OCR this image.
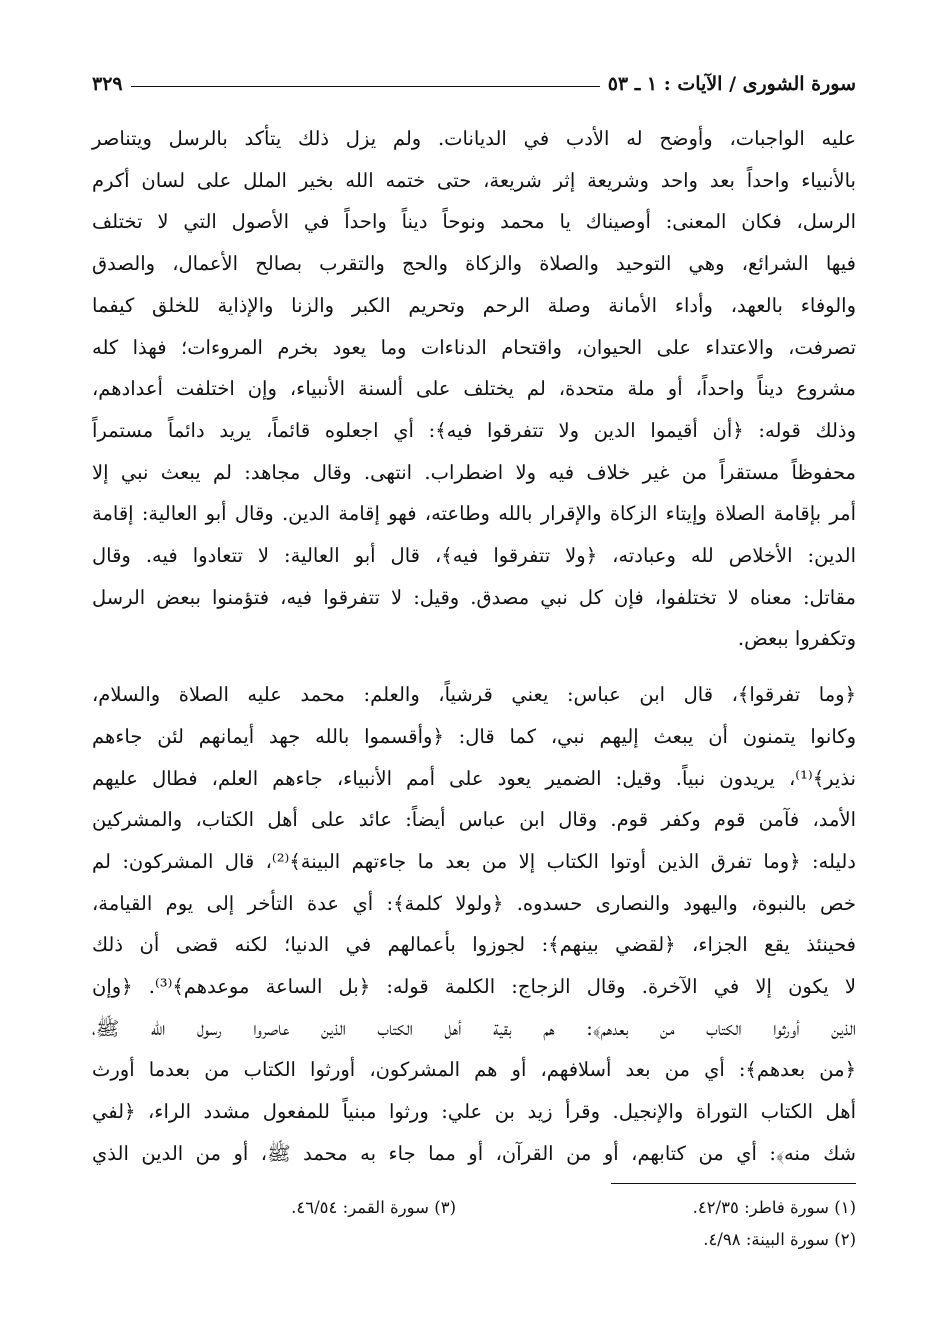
سورة الشورى / الآيات : ١ ـ ٥٣
٣٢٩
عليه الواجبات، وأوضح له الأدب في الديانات. ولم يزل ذلك يتأكد بالرسل ويتناصر
بالأنبياء واحداً بعد واحد وشريعة إثر شريعة، حتى ختمه الله بخير الملل على لسان أكرم
الرسل، فكان المعنى: أوصيناك يا محمد ونوحاً ديناً واحداً في الأصول التي لا تختلف
فيها الشرائع، وهي التوحيد والصلاة والزكاة والحج والتقرب بصالح الأعمال، والصدق
والوفاء بالعهد، وأداء الأمانة وصلة الرحم وتحريم الكبر والزنا والإذاية للخلق كيفما
تصرفت، والاعتداء على الحيوان، واقتحام الدناءات وما يعود بخرم المروءات؛ فهذا كله
مشروع ديناً واحداً، أو ملة متحدة، لم يختلف على ألسنة الأنبياء، وإن اختلفت أعدادهم،
وذلك قوله: ﴿أن أقيموا الدين ولا تتفرقوا فيه﴾: أي اجعلوه قائماً، يريد دائماً مستمراً
محفوظاً مستقراً من غير خلاف فيه ولا اضطراب. انتهى. وقال مجاهد: لم يبعث نبي إلا
أمر بإقامة الصلاة وإيتاء الزكاة والإقرار بالله وطاعته، فهو إقامة الدين. وقال أبو العالية: إقامة
الدين: الأخلاص لله وعبادته، ﴿ولا تتفرقوا فيه﴾، قال أبو العالية: لا تتعادوا فيه. وقال
مقاتل: معناه لا تختلفوا، فإن كل نبي مصدق. وقيل: لا تتفرقوا فيه، فتؤمنوا ببعض الرسل
وتكفروا ببعض.
﴿وما تفرقوا﴾، قال ابن عباس: يعني قرشياً، والعلم: محمد عليه الصلاة والسلام،
وكانوا يتمنون أن يبعث إليهم نبي، كما قال: ﴿وأقسموا بالله جهد أيمانهم لئن جاءهم
نذير﴾⁽¹⁾، يريدون نبياً. وقيل: الضمير يعود على أمم الأنبياء، جاءهم العلم، فطال عليهم
الأمد، فآمن قوم وكفر قوم. وقال ابن عباس أيضاً: عائد على أهل الكتاب، والمشركين
دليله: ﴿وما تفرق الذين أوتوا الكتاب إلا من بعد ما جاءتهم البينة﴾⁽²⁾، قال المشركون: لم
خص بالنبوة، واليهود والنصارى حسدوه. ﴿ولولا كلمة﴾: أي عدة التأخر إلى يوم القيامة،
فحينئذ يقع الجزاء، ﴿لقضي بينهم﴾: لجوزوا بأعمالهم في الدنيا؛ لكنه قضى أن ذلك
لا يكون إلا في الآخرة. وقال الزجاج: الكلمة قوله: ﴿بل الساعة موعدهم﴾⁽³⁾. ﴿وإن
الذين أورثوا الكتاب من بعدهم﴾: هم بقية أهل الكتاب الذين عاصروا رسول الله ﷺ،
﴿من بعدهم﴾: أي من بعد أسلافهم، أو هم المشركون، أورثوا الكتاب من بعدما أورث
أهل الكتاب التوراة والإنجيل. وقرأ زيد بن علي: ورثوا مبنياً للمفعول مشدد الراء، ﴿لفي
شك منه﴾: أي من كتابهم، أو من القرآن، أو مما جاء به محمد ﷺ، أو من الدين الذي
(١) سورة فاطر: ٤٢/٣٥.
(٣) سورة القمر: ٤٦/٥٤.
(٢) سورة البينة: ٤/٩٨.
